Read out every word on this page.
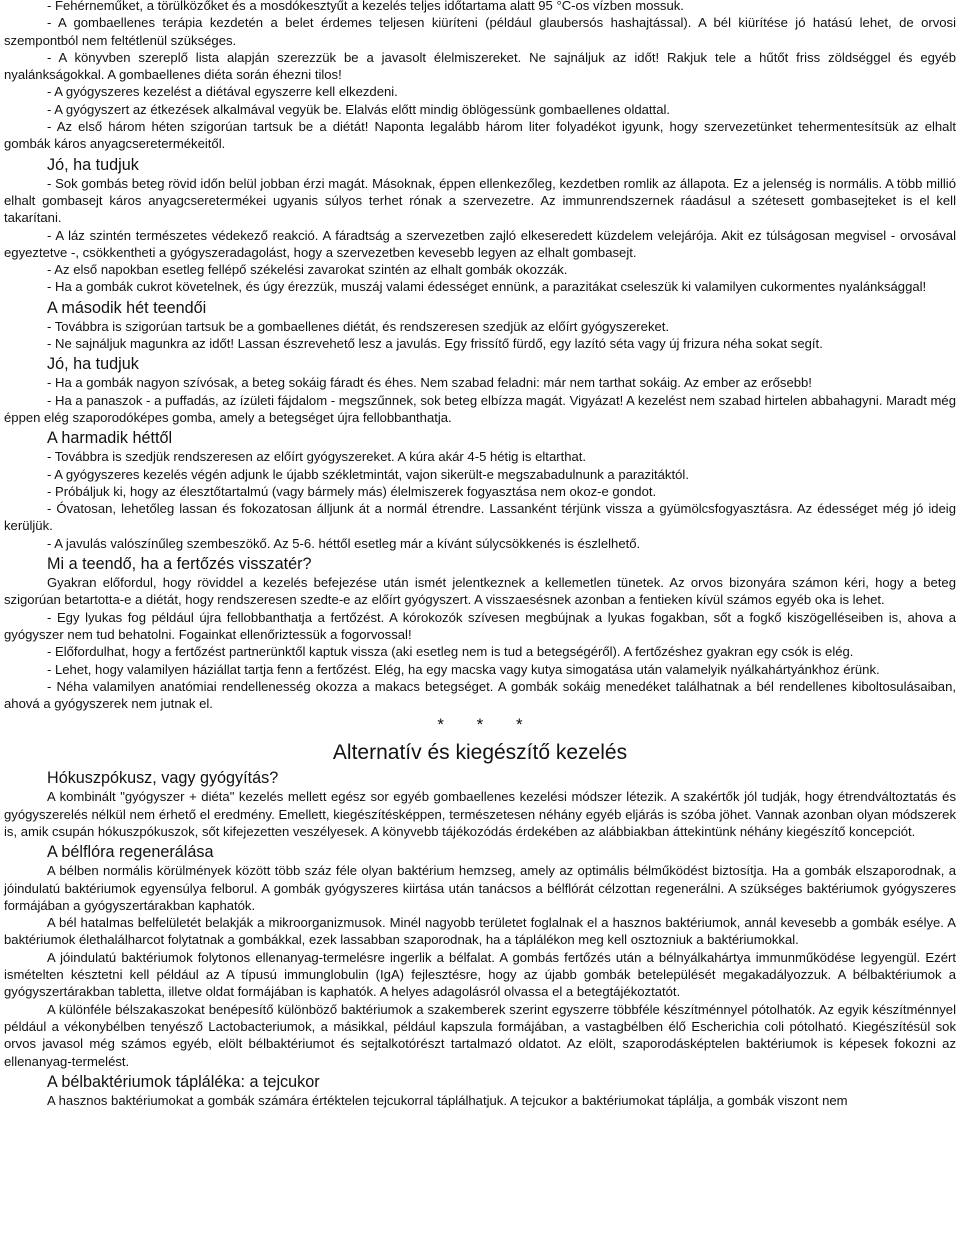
- Fehérneműket, a törülközőket és a mosdókesztyűt a kezelés teljes időtartama alatt 95 °C-os vízben mossuk.

- A gombaellenes terápia kezdetén a belet érdemes teljesen kiüríteni (például glaubersós hashajtással). A bél kiürítése jó hatású lehet, de orvosi szempontból nem feltétlenül szükséges.

- A könyvben szereplő lista alapján szerezzük be a javasolt élelmiszereket. Ne sajnáljuk az időt! Rakjuk tele a hűtőt friss zöldséggel és egyéb nyalánkságokkal. A gombaellenes diéta során éhezni tilos!

- A gyógyszeres kezelést a diétával egyszerre kell elkezdeni.

- A gyógyszert az étkezések alkalmával vegyük be. Elalvás előtt mindig öblögessünk gombaellenes oldattal.

- Az első három héten szigorúan tartsuk be a diétát! Naponta legalább három liter folyadékot igyunk, hogy szervezetünket tehermentesítsük az elhalt gombák káros anyagcseretermékeitől.

Jó, ha tudjuk

- Sok gombás beteg rövid időn belül jobban érzi magát. Másoknak, éppen ellenkezőleg, kezdetben romlik az állapota. Ez a jelenség is normális. A több millió elhalt gombasejt káros anyagcseretermékei ugyanis súlyos terhet rónak a szervezetre. Az immunrendszernek ráadásul a szétesett gombasejteket is el kell takarítani.

- A láz szintén természetes védekező reakció. A fáradtság a szervezetben zajló elkeseredett küzdelem velejárója. Akit ez túlságosan megvisel - orvosával egyeztetve -, csökkentheti a gyógyszeradagolást, hogy a szervezetben kevesebb legyen az elhalt gombasejt.

- Az első napokban esetleg fellépő székelési zavarokat szintén az elhalt gombák okozzák.

- Ha a gombák cukrot követelnek, és úgy érezzük, muszáj valami édességet ennünk, a parazitákat cseleszük ki valamilyen cukormentes nyalánksággal!

A második hét teendői

- Továbbra is szigorúan tartsuk be a gombaellenes diétát, és rendszeresen szedjük az előírt gyógyszereket.

- Ne sajnáljuk magunkra az időt! Lassan észrevehető lesz a javulás. Egy frissítő fürdő, egy lazító séta vagy új frizura néha sokat segít.

Jó, ha tudjuk

- Ha a gombák nagyon szívósak, a beteg sokáig fáradt és éhes. Nem szabad feladni: már nem tarthat sokáig. Az ember az erősebb!

- Ha a panaszok - a puffadás, az ízületi fájdalom - megszűnnek, sok beteg elbízza magát. Vigyázat! A kezelést nem szabad hirtelen abbahagyni. Maradt még éppen elég szaporodóképes gomba, amely a betegséget újra fellobbanthatja.

A harmadik héttől

- Továbbra is szedjük rendszeresen az előírt gyógyszereket. A kúra akár 4-5 hétig is eltarthat.

- A gyógyszeres kezelés végén adjunk le újabb székletmintát, vajon sikerült-e megszabadulnunk a parazitáktól.

- Próbáljuk ki, hogy az élesztőtartalmú (vagy bármely más) élelmiszerek fogyasztása nem okoz-e gondot.

- Óvatosan, lehetőleg lassan és fokozatosan álljunk át a normál étrendre. Lassanként térjünk vissza a gyümölcsfogyasztásra. Az édességet még jó ideig kerüljük.

- A javulás valószínűleg szembeszökő. Az 5-6. héttől esetleg már a kívánt súlycsökkenés is észlelhető.

Mi a teendő, ha a fertőzés visszatér?

Gyakran előfordul, hogy röviddel a kezelés befejezése után ismét jelentkeznek a kellemetlen tünetek. Az orvos bizonyára számon kéri, hogy a beteg szigorúan betartotta-e a diétát, hogy rendszeresen szedte-e az előírt gyógyszert. A visszaesésnek azonban a fentieken kívül számos egyéb oka is lehet.

- Egy lyukas fog például újra fellobbanthatja a fertőzést. A kórokozók szívesen megbújnak a lyukas fogakban, sőt a fogkő kiszögelléseiben is, ahova a gyógyszer nem tud behatolni. Fogainkat ellenőriztessük a fogorvossal!

- Előfordulhat, hogy a fertőzést partnerünktől kaptuk vissza (aki esetleg nem is tud a betegségéről). A fertőzéshez gyakran egy csók is elég.

- Lehet, hogy valamilyen háziállat tartja fenn a fertőzést. Elég, ha egy macska vagy kutya simogatása után valamelyik nyálkahártyánkhoz érünk.

- Néha valamilyen anatómiai rendellenesség okozza a makacs betegséget. A gombák sokáig menedéket találhatnak a bél rendellenes kiboltosulásaiban, ahová a gyógyszerek nem jutnak el.

* * *
Alternatív és kiegészítő kezelés
Hókuszpókusz, vagy gyógyítás?

A kombinált "gyógyszer + diéta" kezelés mellett egész sor egyéb gombaellenes kezelési módszer létezik. A szakértők jól tudják, hogy étrendváltoztatás és gyógyszerelés nélkül nem érhető el eredmény. Emellett, kiegészítésképpen, természetesen néhány egyéb eljárás is szóba jöhet. Vannak azonban olyan módszerek is, amik csupán hókuszpókuszok, sőt kifejezetten veszélyesek. A könyvebb tájékozódás érdekében az alábbiakban áttekintünk néhány kiegészítő koncepciót.

A bélflóra regenerálása

A bélben normális körülmények között több száz féle olyan baktérium hemzseg, amely az optimális bélműködést biztosítja. Ha a gombák elszaporodnak, a jóindulatú baktériumok egyensúlya felborul. A gombák gyógyszeres kiirtása után tanácsos a bélflórát célzottan regenerálni. A szükséges baktériumok gyógyszeres formájában a gyógyszertárakban kaphatók.

A bél hatalmas belfelületét belakják a mikroorganizmusok. Minél nagyobb területet foglalnak el a hasznos baktériumok, annál kevesebb a gombák esélye. A baktériumok élethalálharcot folytatnak a gombákkal, ezek lassabban szaporodnak, ha a táplálékon meg kell osztozniuk a baktériumokkal.

A jóindulatú baktériumok folytonos ellenanyag-termelésre ingerlik a bélfalat. A gombás fertőzés után a bélnyálkahártya immunműködése legyengül. Ezért ismételten késztetni kell például az A típusú immunglobulin (IgA) fejlesztésre, hogy az újabb gombák betelepülését megakadályozzuk. A bélbaktériumok a gyógyszertárakban tabletta, illetve oldat formájában is kaphatók. A helyes adagolásról olvassa el a betegtájékoztatót.

A különféle bélszakaszokat benépesítő különböző baktériumok a szakemberek szerint egyszerre többféle készítménnyel pótolhatók. Az egyik készítménnyel például a vékonybélben tenyésző Lactobacteriumok, a másikkal, például kapszula formájában, a vastagbélben élő Escherichia coli pótolható. Kiegészítésül sok orvos javasol még számos egyéb, elölt bélbaktériumot és sejtalkotórészt tartalmazó oldatot. Az elölt, szaporodásképtelen baktériumok is képesek fokozni az ellenanyag-termelést.

A bélbaktériumok tápláléka: a tejcukor

A hasznos baktériumokat a gombák számára értéktelen tejcukorral táplálhatjuk. A tejcukor a baktériumokat táplálja, a gombák viszont nem
